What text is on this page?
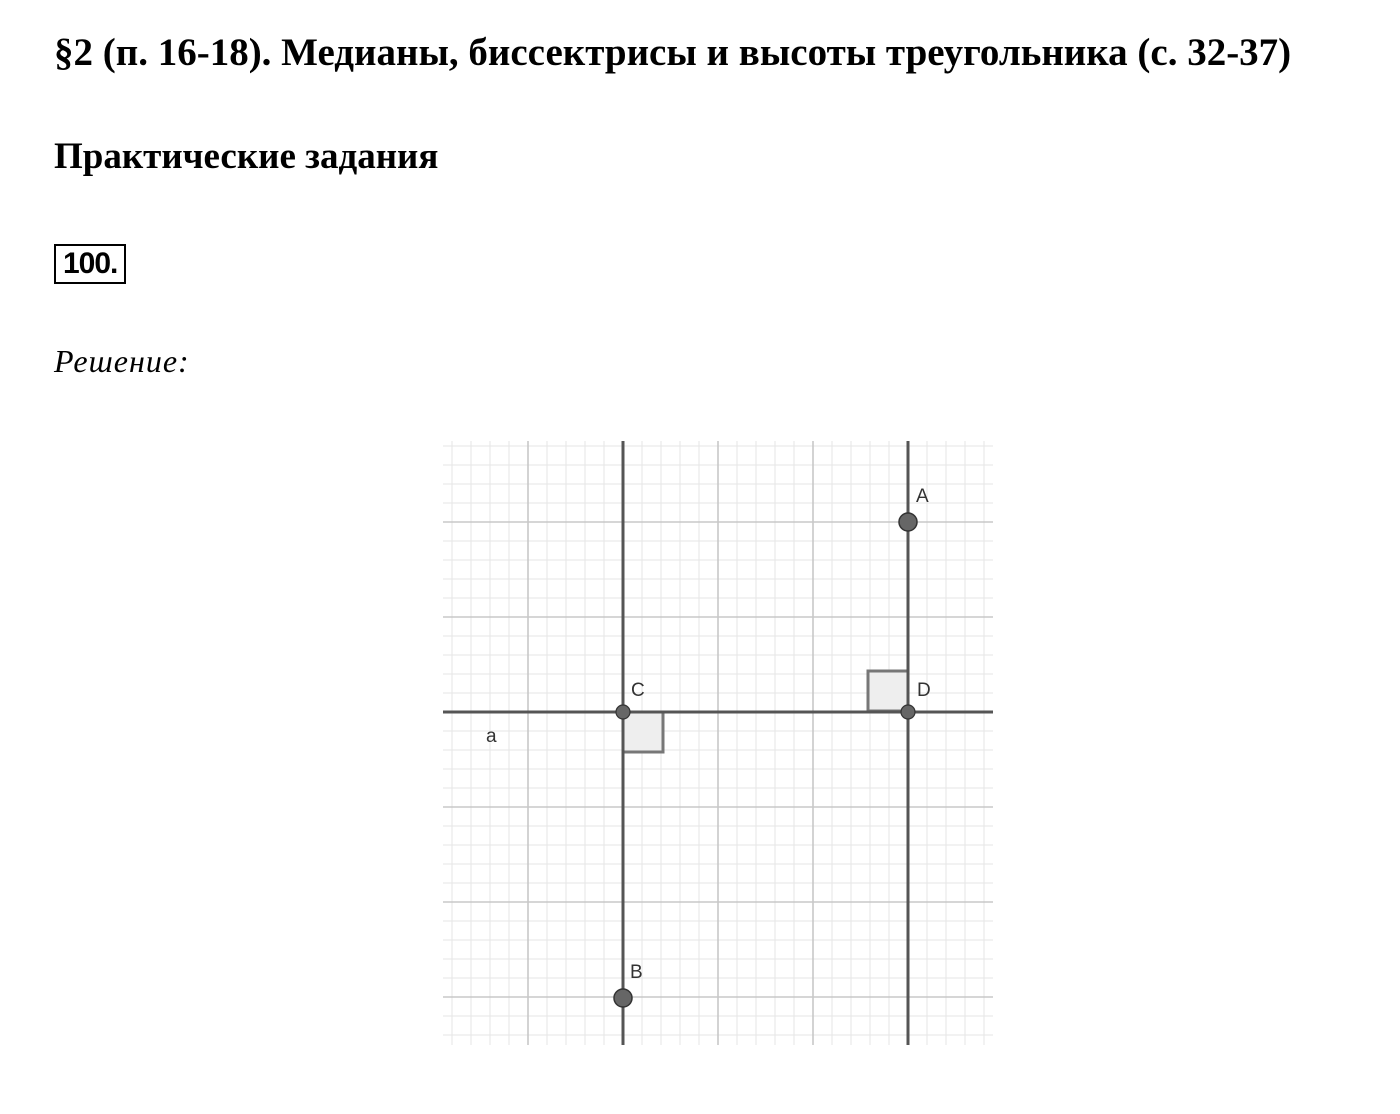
§2 (п. 16-18). Медианы, биссектрисы и высоты треугольника (с. 32-37)
Практические задания
100.

Решение:

A
B
C	D
a
